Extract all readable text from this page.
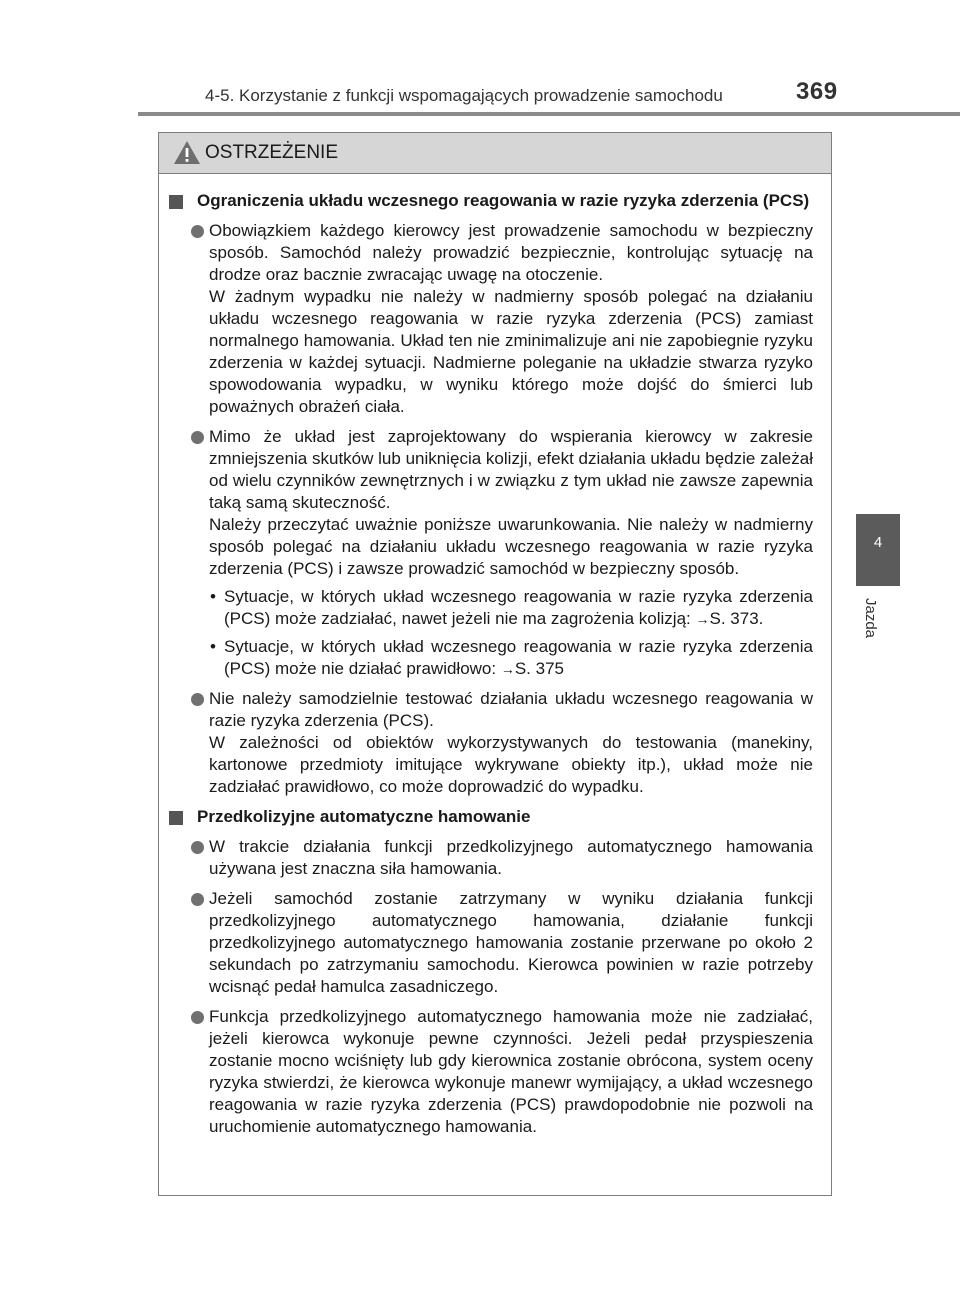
4-5. Korzystanie z funkcji wspomagających prowadzenie samochodu	369
4
Jazda
OSTRZEŻENIE
Ograniczenia układu wczesnego reagowania w razie ryzyka zderzenia (PCS)
Obowiązkiem każdego kierowcy jest prowadzenie samochodu w bezpieczny sposób. Samochód należy prowadzić bezpiecznie, kontrolując sytuację na drodze oraz bacznie zwracając uwagę na otoczenie.
W żadnym wypadku nie należy w nadmierny sposób polegać na działaniu układu wczesnego reagowania w razie ryzyka zderzenia (PCS) zamiast normalnego hamowania. Układ ten nie zminimalizuje ani nie zapobiegnie ryzyku zderzenia w każdej sytuacji. Nadmierne poleganie na układzie stwarza ryzyko spowodowania wypadku, w wyniku którego może dojść do śmierci lub poważnych obrażeń ciała.
Mimo że układ jest zaprojektowany do wspierania kierowcy w zakresie zmniejszenia skutków lub uniknięcia kolizji, efekt działania układu będzie zależał od wielu czynników zewnętrznych i w związku z tym układ nie zawsze zapewnia taką samą skuteczność.
Należy przeczytać uważnie poniższe uwarunkowania. Nie należy w nadmierny sposób polegać na działaniu układu wczesnego reagowania w razie ryzyka zderzenia (PCS) i zawsze prowadzić samochód w bezpieczny sposób.
• Sytuacje, w których układ wczesnego reagowania w razie ryzyka zderzenia (PCS) może zadziałać, nawet jeżeli nie ma zagrożenia kolizją: →S. 373.
• Sytuacje, w których układ wczesnego reagowania w razie ryzyka zderzenia (PCS) może nie działać prawidłowo: →S. 375
Nie należy samodzielnie testować działania układu wczesnego reagowania w razie ryzyka zderzenia (PCS).
W zależności od obiektów wykorzystywanych do testowania (manekiny, kartonowe przedmioty imitujące wykrywane obiekty itp.), układ może nie zadziałać prawidłowo, co może doprowadzić do wypadku.
Przedkolizyjne automatyczne hamowanie
W trakcie działania funkcji przedkolizyjnego automatycznego hamowania używana jest znaczna siła hamowania.
Jeżeli samochód zostanie zatrzymany w wyniku działania funkcji przedkolizyjnego automatycznego hamowania, działanie funkcji przedkolizyjnego automatycznego hamowania zostanie przerwane po około 2 sekundach po zatrzymaniu samochodu. Kierowca powinien w razie potrzeby wcisnąć pedał hamulca zasadniczego.
Funkcja przedkolizyjnego automatycznego hamowania może nie zadziałać, jeżeli kierowca wykonuje pewne czynności. Jeżeli pedał przyspieszenia zostanie mocno wciśnięty lub gdy kierownica zostanie obrócona, system oceny ryzyka stwierdzi, że kierowca wykonuje manewr wymijający, a układ wczesnego reagowania w razie ryzyka zderzenia (PCS) prawdopodobnie nie pozwoli na uruchomienie automatycznego hamowania.
